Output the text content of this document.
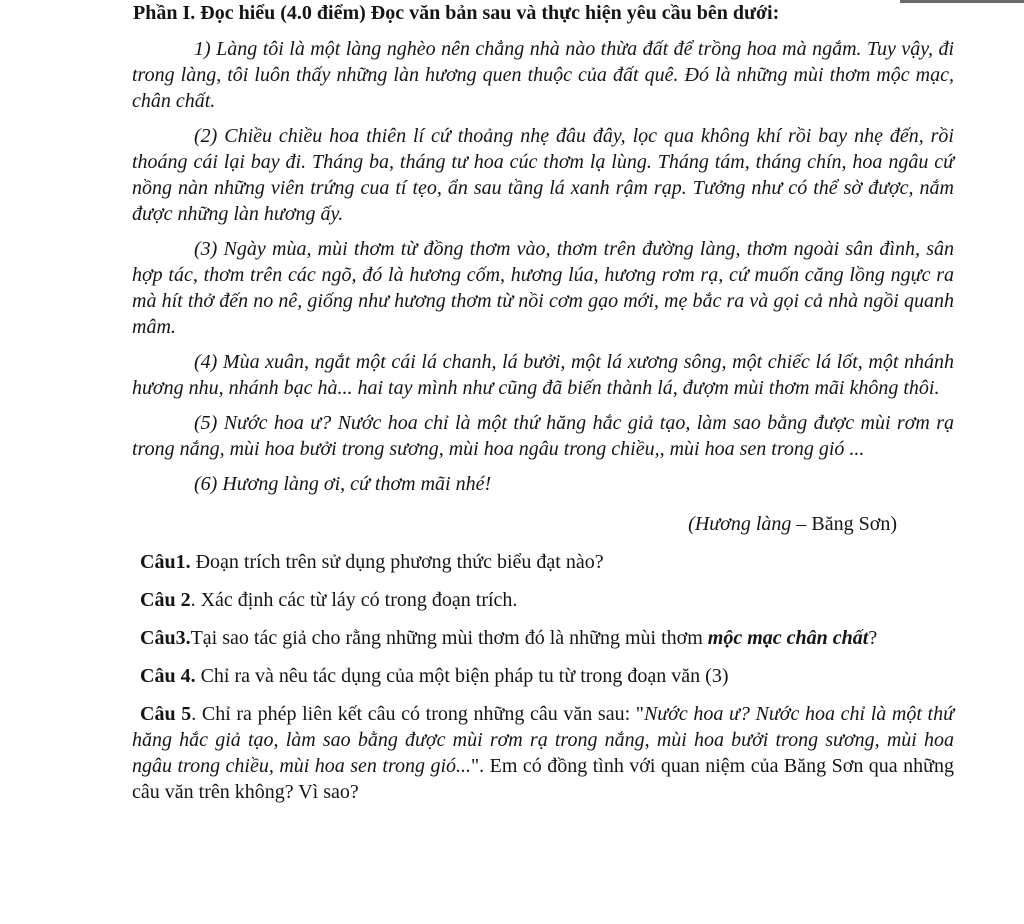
Phần I. Đọc hiểu (4.0 điểm) Đọc văn bản sau và thực hiện yêu cầu bên dưới:

1) Làng tôi là một làng nghèo nên chẳng nhà nào thừa đất để trồng hoa mà ngắm. Tuy vậy, đi trong làng, tôi luôn thấy những làn hương quen thuộc của đất quê. Đó là những mùi thơm mộc mạc, chân chất.

(2) Chiều chiều hoa thiên lí cứ thoảng nhẹ đâu đây, lọc qua không khí rồi bay nhẹ đến, rồi thoáng cái lại bay đi. Tháng ba, tháng tư hoa cúc thơm lạ lùng. Tháng tám, tháng chín, hoa ngâu cứ nồng nàn những viên trứng cua tí tẹo, ẩn sau tầng lá xanh rậm rạp. Tưởng như có thể sờ được, nắm được những làn hương ấy.

(3) Ngày mùa, mùi thơm từ đồng thơm vào, thơm trên đường làng, thơm ngoài sân đình, sân hợp tác, thơm trên các ngõ, đó là hương cốm, hương lúa, hương rơm rạ, cứ muốn căng lồng ngực ra mà hít thở đến no nê, giống như hương thơm từ nồi cơm gạo mới, mẹ bắc ra và gọi cả nhà ngồi quanh mâm.

(4) Mùa xuân, ngắt một cái lá chanh, lá bưởi, một lá xương sông, một chiếc lá lốt, một nhánh hương nhu, nhánh bạc hà... hai tay mình như cũng đã biến thành lá, đượm mùi thơm mãi không thôi.

(5) Nước hoa ư? Nước hoa chỉ là một thứ hăng hắc giả tạo, làm sao bằng được mùi rơm rạ trong nắng, mùi hoa bưởi trong sương, mùi hoa ngâu trong chiều,, mùi hoa sen trong gió ...

(6) Hương làng ơi, cứ thơm mãi nhé!

(Hương làng – Băng Sơn)

Câu1. Đoạn trích trên sử dụng phương thức biểu đạt nào?

Câu 2. Xác định các từ láy có trong đoạn trích.

Câu3.Tại sao tác giả cho rằng những mùi thơm đó là những mùi thơm mộc mạc chân chất?

Câu 4. Chỉ ra và nêu tác dụng của một biện pháp tu từ trong đoạn văn (3)

Câu 5. Chỉ ra phép liên kết câu có trong những câu văn sau: "Nước hoa ư? Nước hoa chỉ là một thứ hăng hắc giả tạo, làm sao bằng được mùi rơm rạ trong nắng, mùi hoa bưởi trong sương, mùi hoa ngâu trong chiều, mùi hoa sen trong gió...". Em có đồng tình với quan niệm của Băng Sơn qua những câu văn trên không? Vì sao?
